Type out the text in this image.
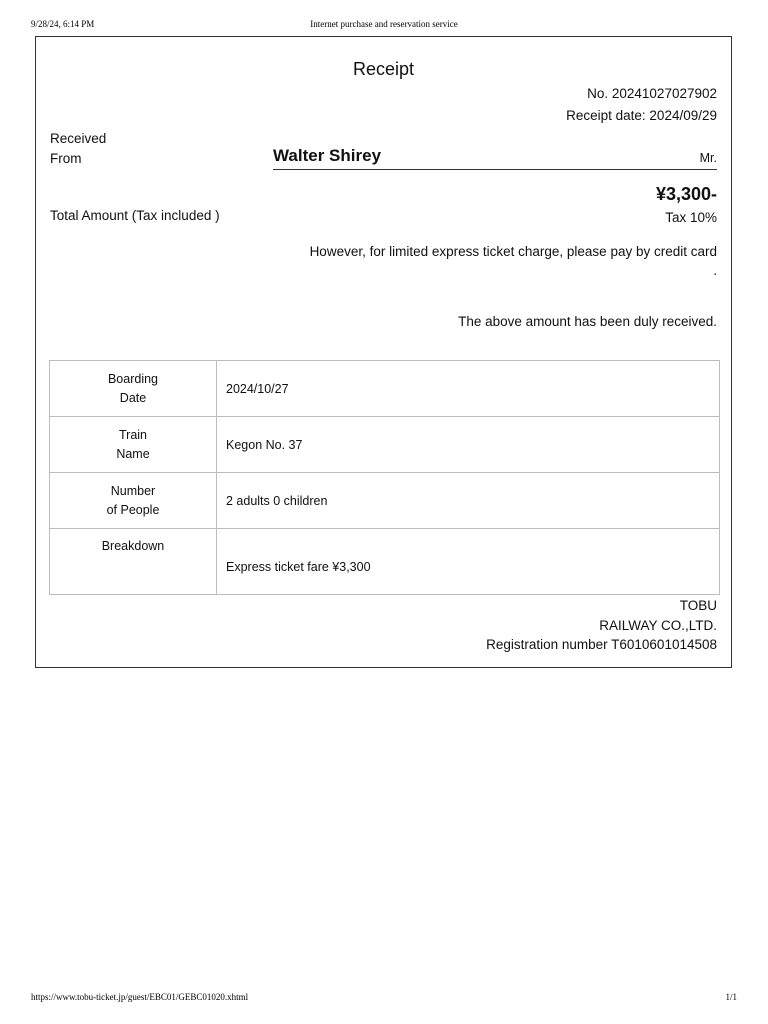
9/28/24, 6:14 PM	Internet purchase and reservation service
Receipt
No. 20241027027902
Receipt date: 2024/09/29
Received
From	Walter Shirey	Mr.
¥3,300-
Total Amount (Tax included )	Tax 10%
However, for limited express ticket charge, please pay by credit card
.
The above amount has been duly received.
Boarding
Date	2024/10/27
Train
Name	Kegon No. 37
Number
of People	2 adults 0 children
Breakdown	Express ticket fare ¥3,300
TOBU
RAILWAY CO.,LTD.
Registration number T6010601014508
https://www.tobu-ticket.jp/guest/EBC01/GEBC01020.xhtml	1/1
